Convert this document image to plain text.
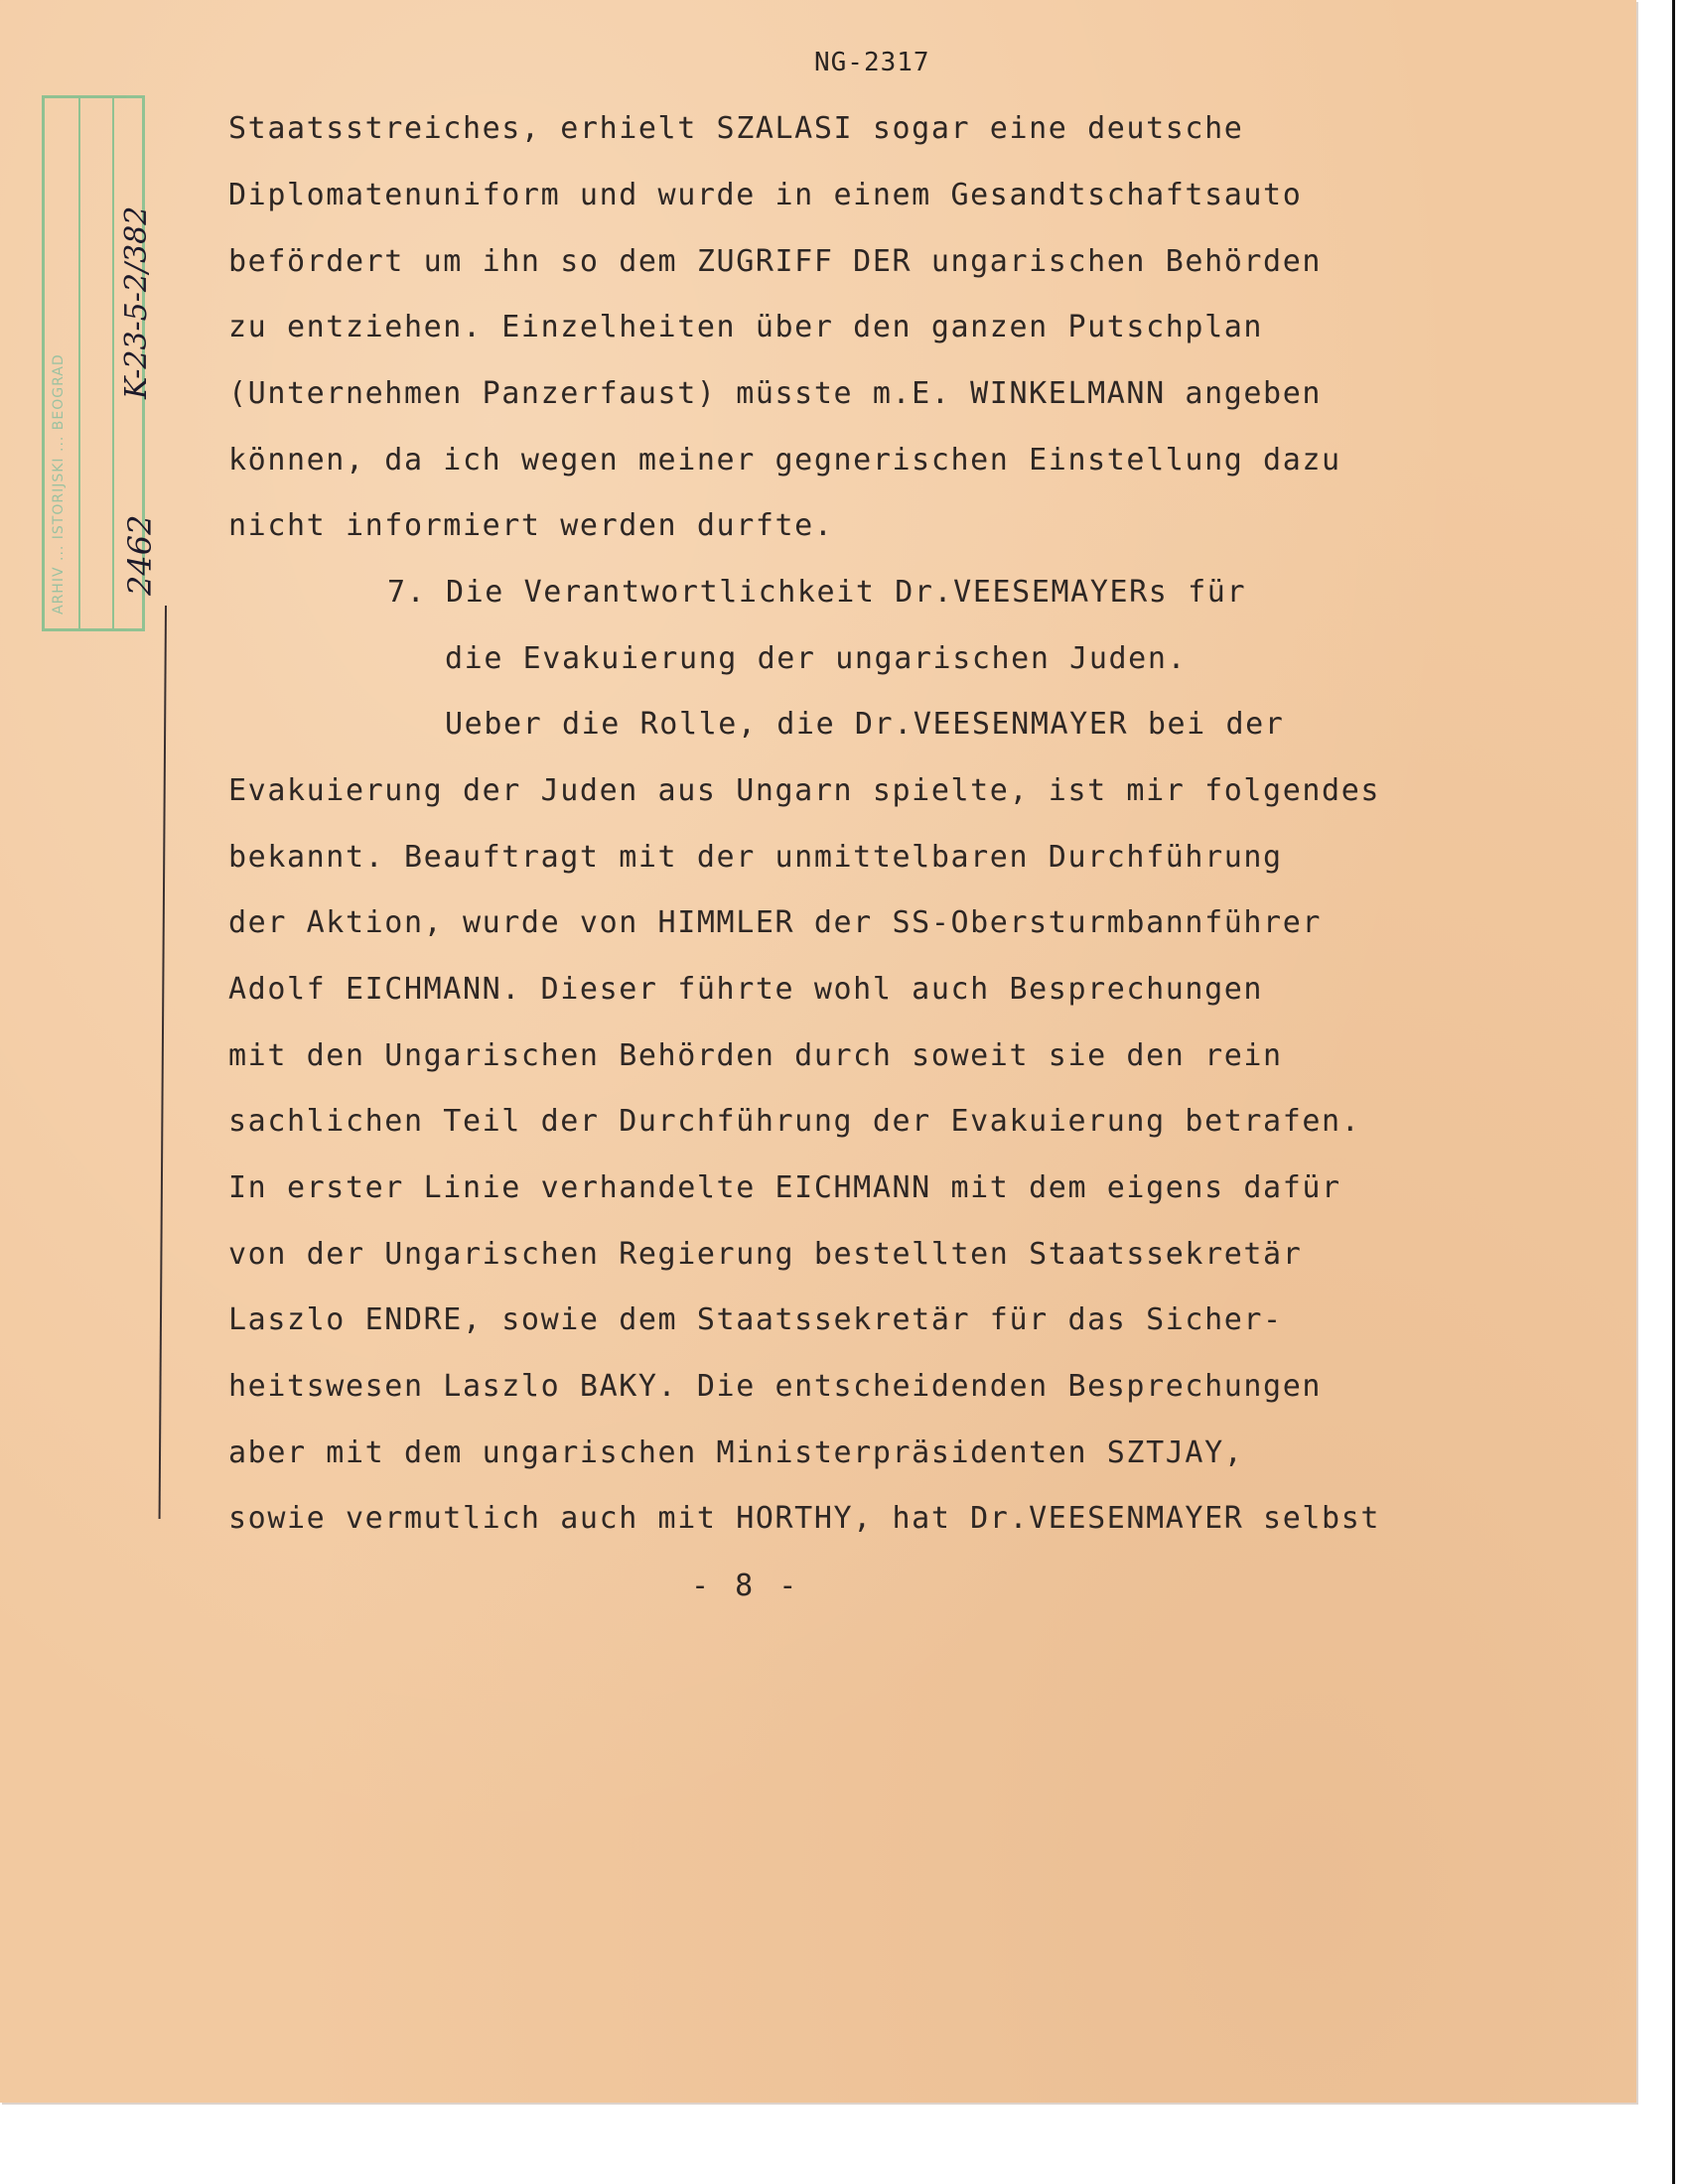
NG-2317
ARHIV ... ISTORIJSKI ... BEOGRAD
K-23-5-2/382
2462
Staatsstreiches, erhielt SZALASI sogar eine deutsche
Diplomatenuniform und wurde in einem Gesandtschaftsauto
befördert um ihn so dem ZUGRIFF DER ungarischen Behörden
zu entziehen. Einzelheiten über den ganzen Putschplan
(Unternehmen Panzerfaust) müsste m.E. WINKELMANN angeben
können, da ich wegen meiner gegnerischen Einstellung dazu
nicht informiert werden durfte.
7. Die Verantwortlichkeit Dr.VEESEMAYERs für
die Evakuierung der ungarischen Juden.
Ueber die Rolle, die Dr.VEESENMAYER bei der
Evakuierung der Juden aus Ungarn spielte, ist mir folgendes
bekannt. Beauftragt mit der unmittelbaren Durchführung
der Aktion, wurde von HIMMLER der SS-Obersturmbannführer
Adolf EICHMANN. Dieser führte wohl auch Besprechungen
mit den Ungarischen Behörden durch soweit sie den rein
sachlichen Teil der Durchführung der Evakuierung betrafen.
In erster Linie verhandelte EICHMANN mit dem eigens dafür
von der Ungarischen Regierung bestellten Staatssekretär
Laszlo ENDRE, sowie dem Staatssekretär für das Sicher-
heitswesen Laszlo BAKY. Die entscheidenden Besprechungen
aber mit dem ungarischen Ministerpräsidenten SZTJAY,
sowie vermutlich auch mit HORTHY, hat Dr.VEESENMAYER selbst
- 8 -
